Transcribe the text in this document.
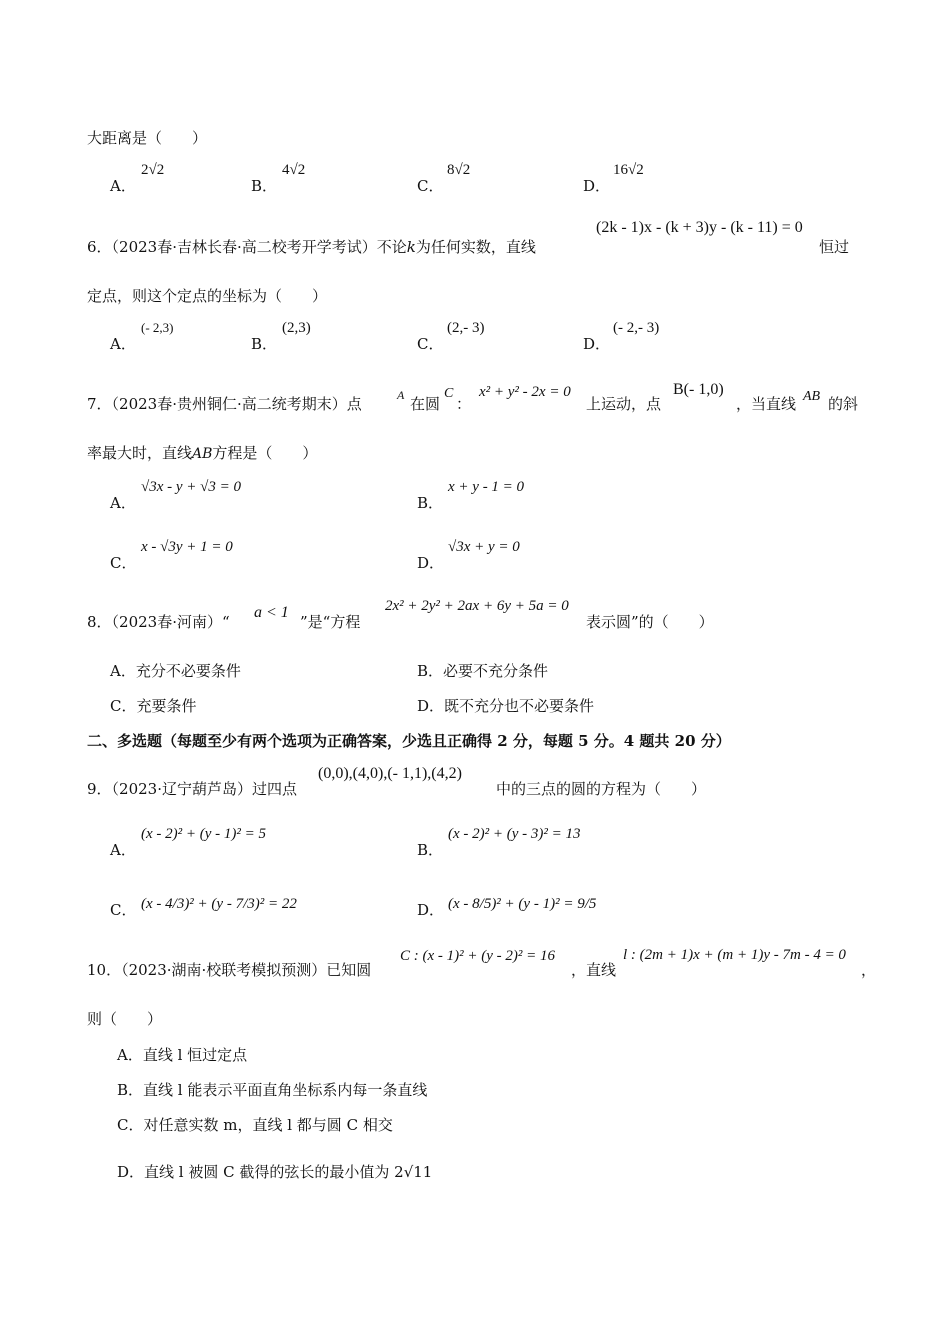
大距离是（　　）
A．
2√2
B．
4√2
C．
8√2
D．
16√2
6．（2023春·吉林长春·高二校考开学考试）不论k为任何实数，直线
(2k - 1)x - (k + 3)y - (k - 11) = 0
恒过
定点，则这个定点的坐标为（　　）
A．
(- 2,3)
B．
(2,3)
C．
(2,- 3)
D．
(- 2,- 3)
7．（2023春·贵州铜仁·高二统考期末）点	A 在圆
C
：
x² + y² - 2x = 0
上运动，点
B(- 1,0)
，当直线 AB 的斜
率最大时，直线AB方程是（　　）
A．
√3x - y + √3 = 0
B．
x + y - 1 = 0
C．
x - √3y + 1 = 0
D．
√3x + y = 0
8．（2023春·河南）“
a < 1
”是“方程
2x² + 2y² + 2ax + 6y + 5a = 0
表示圆”的（　　）
A．充分不必要条件	B．必要不充分条件
C．充要条件	D．既不充分也不必要条件
二、多选题（每题至少有两个选项为正确答案，少选且正确得 2 分，每题 5 分。4 题共 20 分）
9．（2023·辽宁葫芦岛）过四点
(0,0),(4,0),(- 1,1),(4,2)
中的三点的圆的方程为（　　）
A．
(x - 2)² + (y - 1)² = 5
B．
(x - 2)² + (y - 3)² = 13
C． (x - 4/3)² + (y - 7/3)² = 22	D． (x - 8/5)² + (y - 1)² = 9/5
10．（2023·湖南·校联考模拟预测）已知圆
C : (x - 1)² + (y - 2)² = 16
，直线
l : (2m + 1)x + (m + 1)y - 7m - 4 = 0
，
则（　　）
A．直线 l 恒过定点
B．直线 l 能表示平面直角坐标系内每一条直线
C．对任意实数 m，直线 l 都与圆 C 相交
D．直线 l 被圆 C 截得的弦长的最小值为 2√11
